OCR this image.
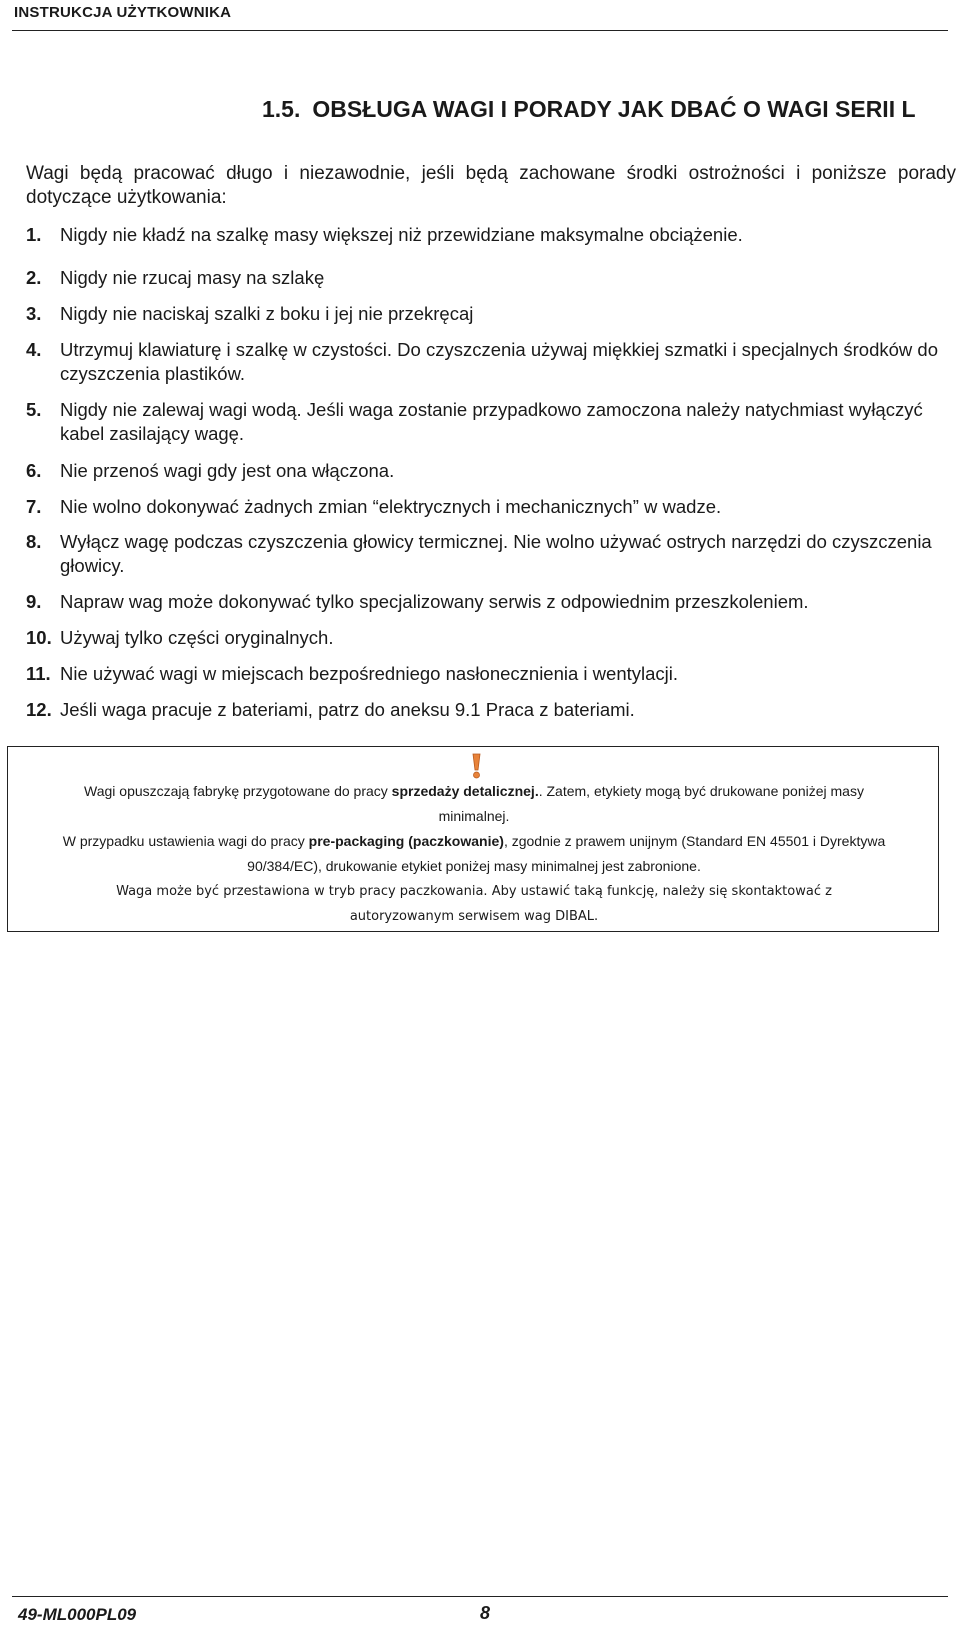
INSTRUKCJA UŻYTKOWNIKA
1.5. OBSŁUGA WAGI I PORADY JAK DBAĆ O WAGI SERII L
Wagi będą pracować długo i niezawodnie, jeśli będą zachowane środki ostrożności i poniższe porady dotyczące użytkowania:
1. Nigdy nie kładź na szalkę masy większej niż przewidziane maksymalne obciążenie.
2. Nigdy nie rzucaj masy na szlakę
3. Nigdy nie naciskaj szalki z boku i jej nie przekręcaj
4. Utrzymuj klawiaturę i szalkę w czystości. Do czyszczenia używaj miękkiej szmatki i specjalnych środków do czyszczenia plastików.
5. Nigdy nie zalewaj wagi wodą. Jeśli waga zostanie przypadkowo zamoczona należy natychmiast wyłączyć kabel zasilający wagę.
6. Nie przenoś wagi gdy jest ona włączona.
7. Nie wolno dokonywać żadnych zmian “elektrycznych i mechanicznych” w wadze.
8. Wyłącz wagę podczas czyszczenia głowicy termicznej. Nie wolno używać ostrych narzędzi do czyszczenia głowicy.
9. Napraw wag może dokonywać tylko specjalizowany serwis z odpowiednim przeszkoleniem.
10. Używaj tylko części oryginalnych.
11. Nie używać wagi w miejscach bezpośredniego nasłonecznienia i wentylacji.
12. Jeśli waga pracuje z bateriami, patrz do aneksu 9.1 Praca z bateriami.

Wagi opuszczają fabrykę przygotowane do pracy sprzedaży detalicznej.. Zatem, etykiety mogą być drukowane poniżej masy

minimalnej.

W przypadku ustawienia wagi do pracy pre-packaging (paczkowanie), zgodnie z prawem unijnym (Standard EN 45501 i Dyrektywa

90/384/EC), drukowanie etykiet poniżej masy minimalnej jest zabronione.

Waga może być przestawiona w tryb pracy paczkowania. Aby ustawić taką funkcję, należy się skontaktować z

autoryzowanym serwisem wag DIBAL.

49-ML000PL09	8
